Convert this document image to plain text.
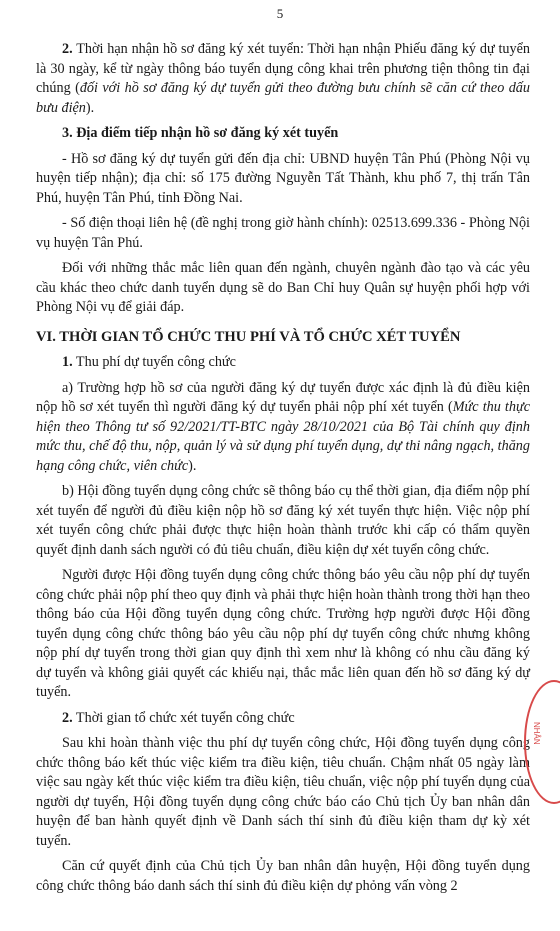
5

2. Thời hạn nhận hồ sơ đăng ký xét tuyển: Thời hạn nhận Phiếu đăng ký dự tuyển là 30 ngày, kể từ ngày thông báo tuyển dụng công khai trên phương tiện thông tin đại chúng (đối với hồ sơ đăng ký dự tuyển gửi theo đường bưu chính sẽ căn cứ theo dấu bưu điện).

3. Địa điểm tiếp nhận hồ sơ đăng ký xét tuyển

- Hồ sơ đăng ký dự tuyển gửi đến địa chỉ: UBND huyện Tân Phú (Phòng Nội vụ huyện tiếp nhận); địa chỉ: số 175 đường Nguyễn Tất Thành, khu phố 7, thị trấn Tân Phú, huyện Tân Phú, tỉnh Đồng Nai.

- Số điện thoại liên hệ (đề nghị trong giờ hành chính): 02513.699.336 - Phòng Nội vụ huyện Tân Phú.

Đối với những thắc mắc liên quan đến ngành, chuyên ngành đào tạo và các yêu cầu khác theo chức danh tuyển dụng sẽ do Ban Chỉ huy Quân sự huyện phối hợp với Phòng Nội vụ để giải đáp.

VI. THỜI GIAN TỔ CHỨC THU PHÍ VÀ TỔ CHỨC XÉT TUYỂN

1. Thu phí dự tuyển công chức

a) Trường hợp hồ sơ của người đăng ký dự tuyển được xác định là đủ điều kiện nộp hồ sơ xét tuyển thì người đăng ký dự tuyển phải nộp phí xét tuyển (Mức thu thực hiện theo Thông tư số 92/2021/TT-BTC ngày 28/10/2021 của Bộ Tài chính quy định mức thu, chế độ thu, nộp, quản lý và sử dụng phí tuyển dụng, dự thi nâng ngạch, thăng hạng công chức, viên chức).

b) Hội đồng tuyển dụng công chức sẽ thông báo cụ thể thời gian, địa điểm nộp phí xét tuyển để người đủ điều kiện nộp hồ sơ đăng ký xét tuyển thực hiện. Việc nộp phí xét tuyển công chức phải được thực hiện hoàn thành trước khi cấp có thẩm quyền quyết định danh sách người có đủ tiêu chuẩn, điều kiện dự xét tuyển công chức.

Người được Hội đồng tuyển dụng công chức thông báo yêu cầu nộp phí dự tuyển công chức phải nộp phí theo quy định và phải thực hiện hoàn thành trong thời hạn theo thông báo của Hội đồng tuyển dụng công chức. Trường hợp người được Hội đồng tuyển dụng công chức thông báo yêu cầu nộp phí dự tuyển công chức nhưng không nộp phí dự tuyển trong thời gian quy định thì xem như là không có nhu cầu đăng ký dự tuyển và không giải quyết các khiếu nại, thắc mắc liên quan đến hồ sơ đăng ký dự tuyển.

2. Thời gian tổ chức xét tuyển công chức

Sau khi hoàn thành việc thu phí dự tuyển công chức, Hội đồng tuyển dụng công chức thông báo kết thúc việc kiểm tra điều kiện, tiêu chuẩn. Chậm nhất 05 ngày làm việc sau ngày kết thúc việc kiểm tra điều kiện, tiêu chuẩn, việc nộp phí tuyển dụng của người dự tuyển, Hội đồng tuyển dụng công chức báo cáo Chủ tịch Ủy ban nhân dân huyện để ban hành quyết định về Danh sách thí sinh đủ điều kiện tham dự kỳ xét tuyển.

Căn cứ quyết định của Chủ tịch Ủy ban nhân dân huyện, Hội đồng tuyển dụng công chức thông báo danh sách thí sinh đủ điều kiện dự phỏng vấn vòng 2

NHÂN
